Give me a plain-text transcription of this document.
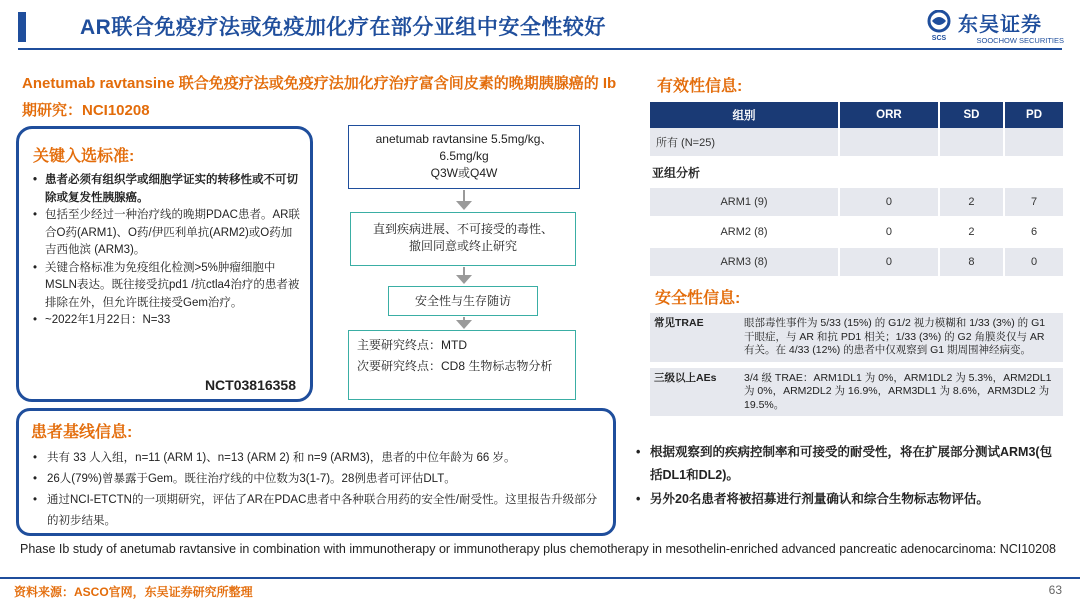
AR联合免疫疗法或免疫加化疗在部分亚组中安全性较好	SCS
东吴证券
SOOCHOW SECURITIES
Anetumab ravtansine 联合免疫疗法或免疫疗法加化疗治疗富含间皮素的晚期胰腺癌的 Ib 期研究：NCI10208
关键入选标准:
• 患者必须有组织学或细胞学证实的转移性或不可切除或复发性胰腺癌。
• 包括至少经过一种治疗线的晚期PDAC患者。AR联合O药(ARM1)、O药/伊匹利单抗(ARM2)或O药加吉西他滨 (ARM3)。
• 关键合格标准为免疫组化检测>5%肿瘤细胞中MSLN表达。既往接受抗pd1 /抗ctla4治疗的患者被排除在外，但允许既往接受Gem治疗。
• ~2022年1月22日：N=33
NCT03816358
anetumab ravtansine 5.5mg/kg、
6.5mg/kg
Q3W或Q4W
直到疾病进展、不可接受的毒性、
撤回同意或终止研究
安全性与生存随访
主要研究终点：MTD
次要研究终点：CD8 生物标志物分析
有效性信息:
组别	ORR	SD	PD
所有 (N=25)			
亚组分析			
ARM1 (9)	0	2	7
ARM2 (8)	0	2	6
ARM3 (8)	0	8	0
安全性信息:
常见TRAE	眼部毒性事件为 5/33 (15%) 的 G1/2 视力模糊和 1/33 (3%) 的 G1 干眼症，与 AR 和抗 PD1 相关；1/33 (3%) 的 G2 角膜炎仅与 AR 有关。在 4/33 (12%) 的患者中仅观察到 G1 期周围神经病变。
三级以上AEs	3/4 级 TRAE：ARM1DL1 为 0%，ARM1DL2 为 5.3%，ARM2DL1 为 0%，ARM2DL2 为 16.9%，ARM3DL1 为 8.6%，ARM3DL2 为 19.5%。
患者基线信息:
• 共有 33 人入组，n=11 (ARM 1)、n=13 (ARM 2) 和 n=9 (ARM3)，患者的中位年龄为 66 岁。
• 26人(79%)曾暴露于Gem。既往治疗线的中位数为3(1-7)。28例患者可评估DLT。
• 通过NCI-ETCTN的一项期研究，评估了AR在PDAC患者中各种联合用药的安全性/耐受性。这里报告升级部分的初步结果。
• 根据观察到的疾病控制率和可接受的耐受性，将在扩展部分测试ARM3(包括DL1和DL2)。
• 另外20名患者将被招募进行剂量确认和综合生物标志物评估。
Phase Ib study of anetumab ravtansive in combination with immunotherapy or immunotherapy plus chemotherapy in mesothelin-enriched advanced pancreatic adenocarcinoma: NCI10208
资料来源：ASCO官网，东吴证券研究所整理	63
